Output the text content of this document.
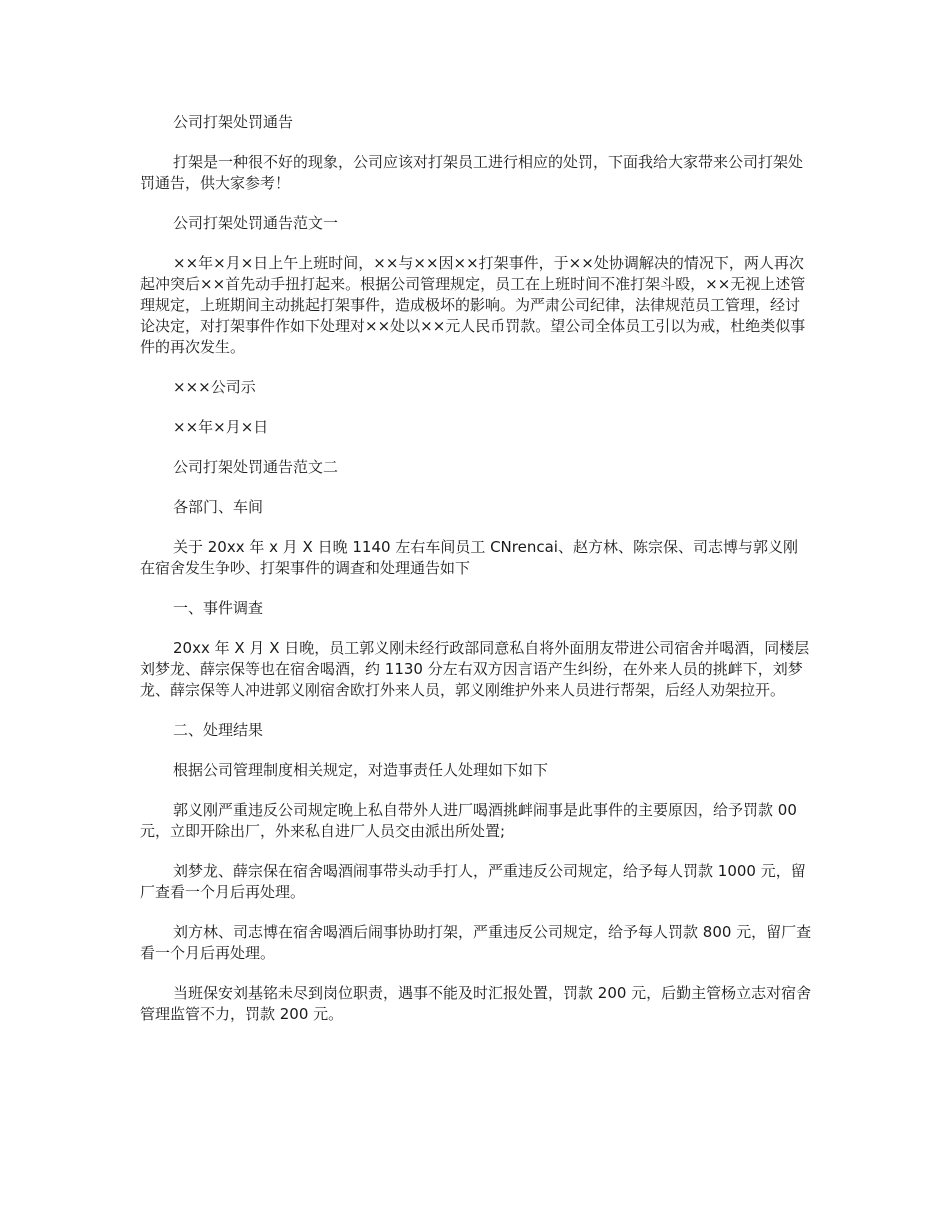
公司打架处罚通告

打架是一种很不好的现象，公司应该对打架员工进行相应的处罚，下面我给大家带来公司打架处罚通告，供大家参考！

公司打架处罚通告范文一

××年×月×日上午上班时间，××与××因××打架事件，于××处协调解决的情况下，两人再次起冲突后××首先动手扭打起来。根据公司管理规定，员工在上班时间不准打架斗殴，××无视上述管理规定，上班期间主动挑起打架事件，造成极坏的影响。为严肃公司纪律，法律规范员工管理，经讨论决定，对打架事件作如下处理对××处以××元人民币罚款。望公司全体员工引以为戒，杜绝类似事件的再次发生。

×××公司示

××年×月×日

公司打架处罚通告范文二

各部门、车间

关于 20xx 年 x 月 X 日晚 1140 左右车间员工 CNrencai、赵方林、陈宗保、司志博与郭义刚在宿舍发生争吵、打架事件的调查和处理通告如下

一、事件调查

20xx 年 X 月 X 日晚，员工郭义刚未经行政部同意私自将外面朋友带进公司宿舍并喝酒，同楼层刘梦龙、薛宗保等也在宿舍喝酒，约 1130 分左右双方因言语产生纠纷，在外来人员的挑衅下，刘梦龙、薛宗保等人冲进郭义刚宿舍欧打外来人员，郭义刚维护外来人员进行帮架，后经人劝架拉开。

二、处理结果

根据公司管理制度相关规定，对造事责任人处理如下如下

郭义刚严重违反公司规定晚上私自带外人进厂喝酒挑衅闹事是此事件的主要原因，给予罚款 00 元，立即开除出厂，外来私自进厂人员交由派出所处置;

刘梦龙、薛宗保在宿舍喝酒闹事带头动手打人，严重违反公司规定，给予每人罚款 1000 元，留厂查看一个月后再处理。

刘方林、司志博在宿舍喝酒后闹事协助打架，严重违反公司规定，给予每人罚款 800 元，留厂查看一个月后再处理。

当班保安刘基铭未尽到岗位职责，遇事不能及时汇报处置，罚款 200 元，后勤主管杨立志对宿舍管理监管不力，罚款 200 元。
